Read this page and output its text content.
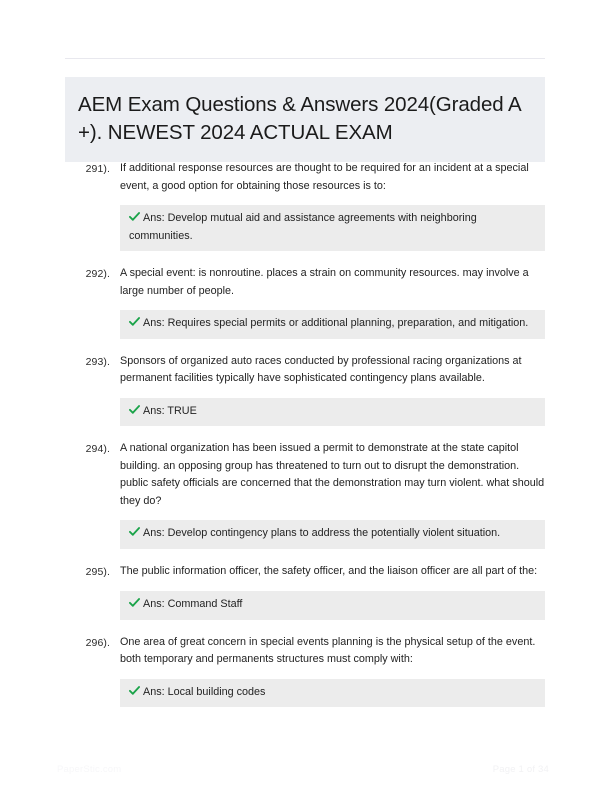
AEM Exam Questions & Answers 2024(Graded A +). NEWEST 2024 ACTUAL EXAM
291). If additional response resources are thought to be required for an incident at a special event, a good option for obtaining those resources is to:
Ans: Develop mutual aid and assistance agreements with neighboring communities.
292). A special event: is nonroutine. places a strain on community resources. may involve a large number of people.
Ans: Requires special permits or additional planning, preparation, and mitigation.
293). Sponsors of organized auto races conducted by professional racing organizations at permanent facilities typically have sophisticated contingency plans available.
Ans: TRUE
294). A national organization has been issued a permit to demonstrate at the state capitol building. an opposing group has threatened to turn out to disrupt the demonstration. public safety officials are concerned that the demonstration may turn violent. what should they do?
Ans: Develop contingency plans to address the potentially violent situation.
295). The public information officer, the safety officer, and the liaison officer are all part of the:
Ans: Command Staff
296). One area of great concern in special events planning is the physical setup of the event. both temporary and permanents structures must comply with:
Ans: Local building codes
PaperStic.com	Page 1 of 34
